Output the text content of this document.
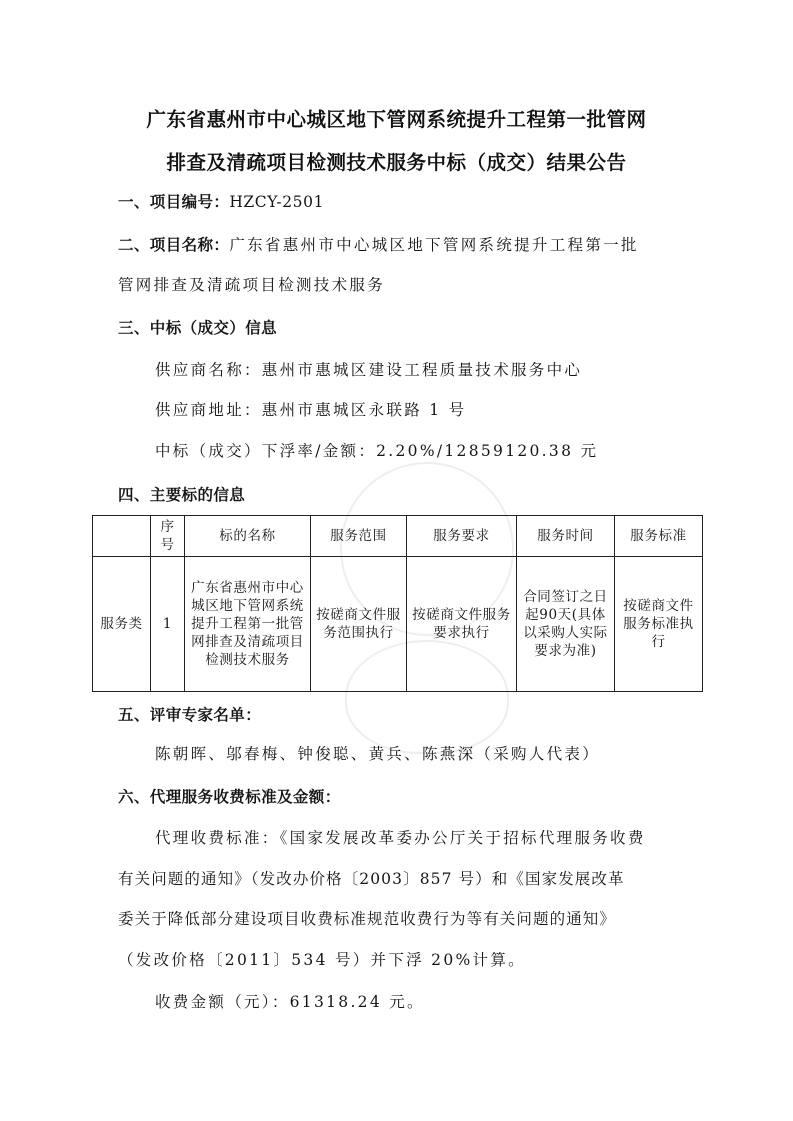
广东省惠州市中心城区地下管网系统提升工程第一批管网
排查及清疏项目检测技术服务中标（成交）结果公告
一、项目编号：HZCY-2501
二、项目名称：广东省惠州市中心城区地下管网系统提升工程第一批
管网排查及清疏项目检测技术服务
三、中标（成交）信息
供应商名称：惠州市惠城区建设工程质量技术服务中心
供应商地址：惠州市惠城区永联路 1 号
中标（成交）下浮率/金额：2.20%/12859120.38 元
四、主要标的信息
	序号	标的名称	服务范围	服务要求	服务时间	服务标准
服务类	1	广东省惠州市中心城区地下管网系统提升工程第一批管网排查及清疏项目检测技术服务	按磋商文件服务范围执行	按磋商文件服务要求执行	合同签订之日起90天(具体以采购人实际要求为准)	按磋商文件服务标准执行
五、评审专家名单：
陈朝晖、邬春梅、钟俊聪、黄兵、陈燕深（采购人代表）
六、代理服务收费标准及金额：
代理收费标准：《国家发展改革委办公厅关于招标代理服务收费
有关问题的通知》（发改办价格〔2003〕857 号）和《国家发展改革
委关于降低部分建设项目收费标准规范收费行为等有关问题的通知》
（发改价格〔2011〕534 号）并下浮 20%计算。
收费金额（元）：61318.24 元。
